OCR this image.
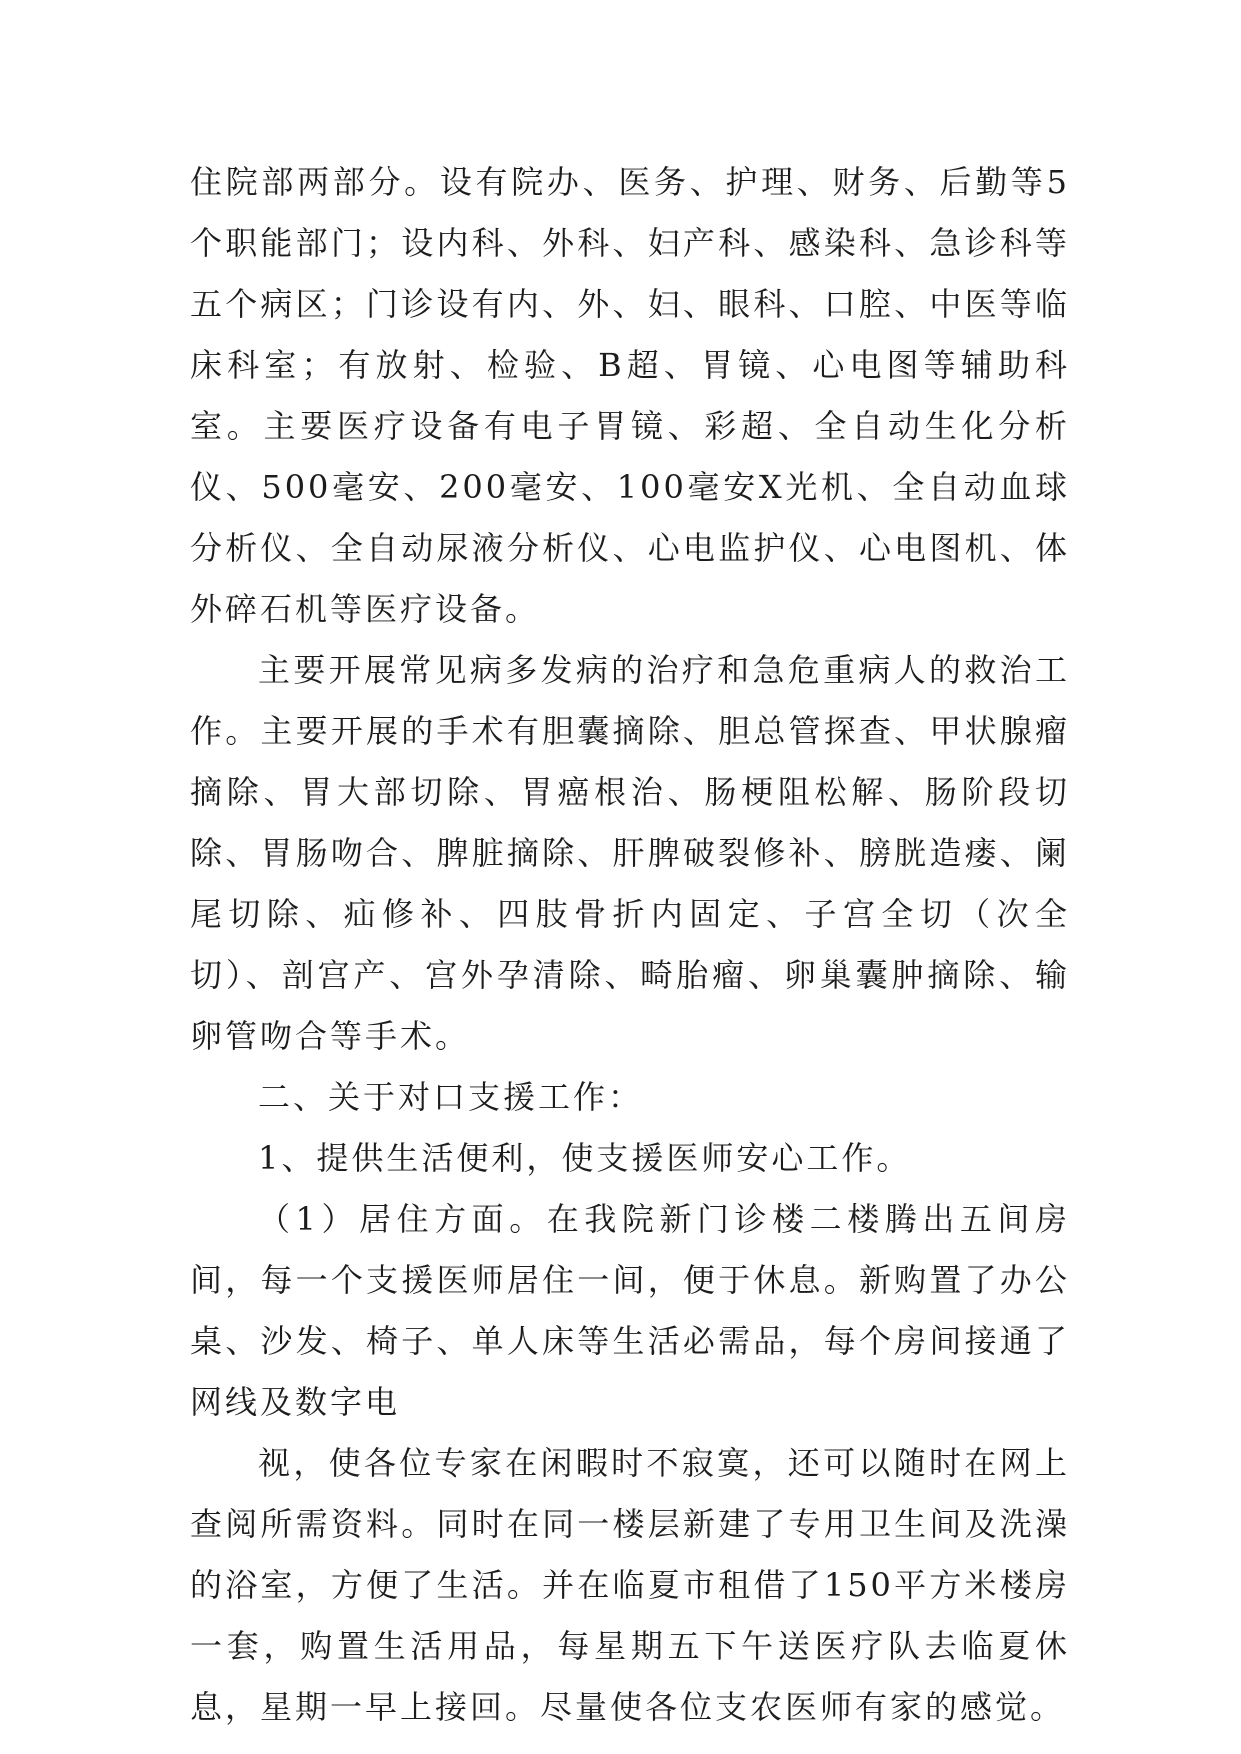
住院部两部分。设有院办、医务、护理、财务、后勤等5个职能部门；设内科、外科、妇产科、感染科、急诊科等五个病区；门诊设有内、外、妇、眼科、口腔、中医等临床科室；有放射、检验、B超、胃镜、心电图等辅助科室。主要医疗设备有电子胃镜、彩超、全自动生化分析仪、500毫安、200毫安、100毫安X光机、全自动血球分析仪、全自动尿液分析仪、心电监护仪、心电图机、体外碎石机等医疗设备。

主要开展常见病多发病的治疗和急危重病人的救治工作。主要开展的手术有胆囊摘除、胆总管探查、甲状腺瘤摘除、胃大部切除、胃癌根治、肠梗阻松解、肠阶段切除、胃肠吻合、脾脏摘除、肝脾破裂修补、膀胱造瘘、阑尾切除、疝修补、四肢骨折内固定、子宫全切（次全切）、剖宫产、宫外孕清除、畸胎瘤、卵巢囊肿摘除、输卵管吻合等手术。

二、关于对口支援工作：

1、提供生活便利，使支援医师安心工作。

（1）居住方面。在我院新门诊楼二楼腾出五间房间，每一个支援医师居住一间，便于休息。新购置了办公桌、沙发、椅子、单人床等生活必需品，每个房间接通了网线及数字电

视，使各位专家在闲暇时不寂寞，还可以随时在网上查阅所需资料。同时在同一楼层新建了专用卫生间及洗澡的浴室，方便了生活。并在临夏市租借了150平方米楼房一套，购置生活用品，每星期五下午送医疗队去临夏休息，星期一早上接回。尽量使各位支农医师有家的感觉。
